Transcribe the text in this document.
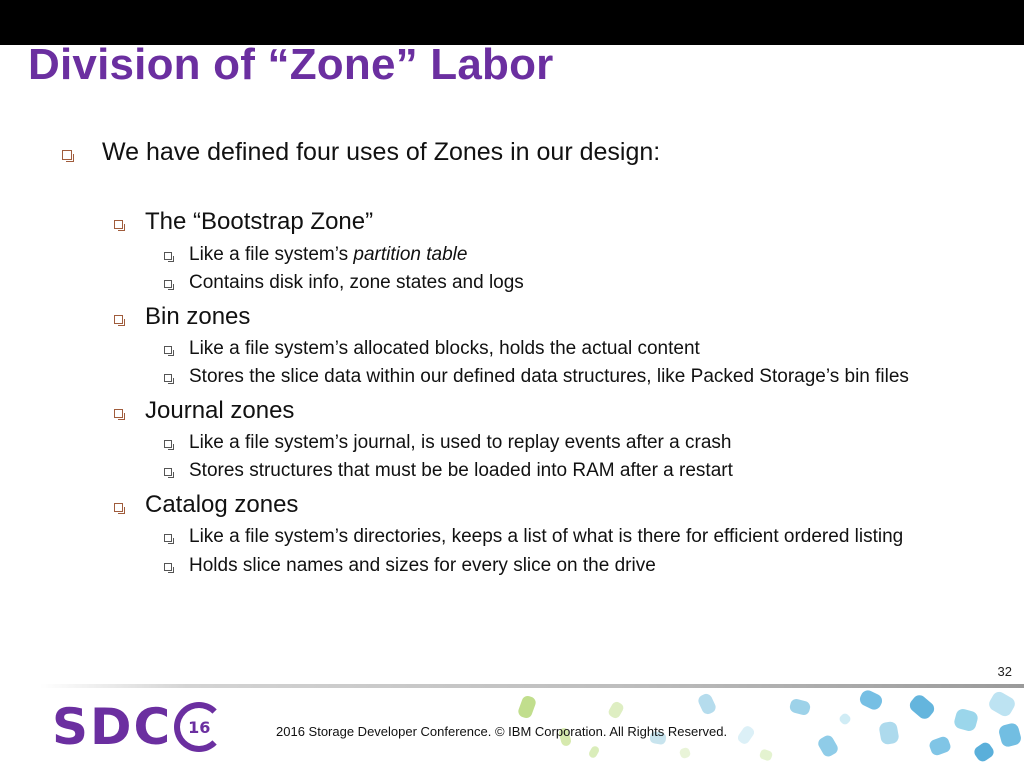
Division of “Zone” Labor
We have defined four uses of Zones in our design:
The “Bootstrap Zone”
Like a file system’s partition table
Contains disk info, zone states and logs
Bin zones
Like a file system’s allocated blocks, holds the actual content
Stores the slice data within our defined data structures, like Packed Storage’s bin files
Journal zones
Like a file system’s journal, is used to replay events after a crash
Stores structures that must be be loaded into RAM after a restart
Catalog zones
Like a file system’s directories, keeps a list of what is there for efficient ordered listing
Holds slice names and sizes for every slice on the drive
32
SDC 16	2016 Storage Developer Conference. © IBM Corporation. All Rights Reserved.
